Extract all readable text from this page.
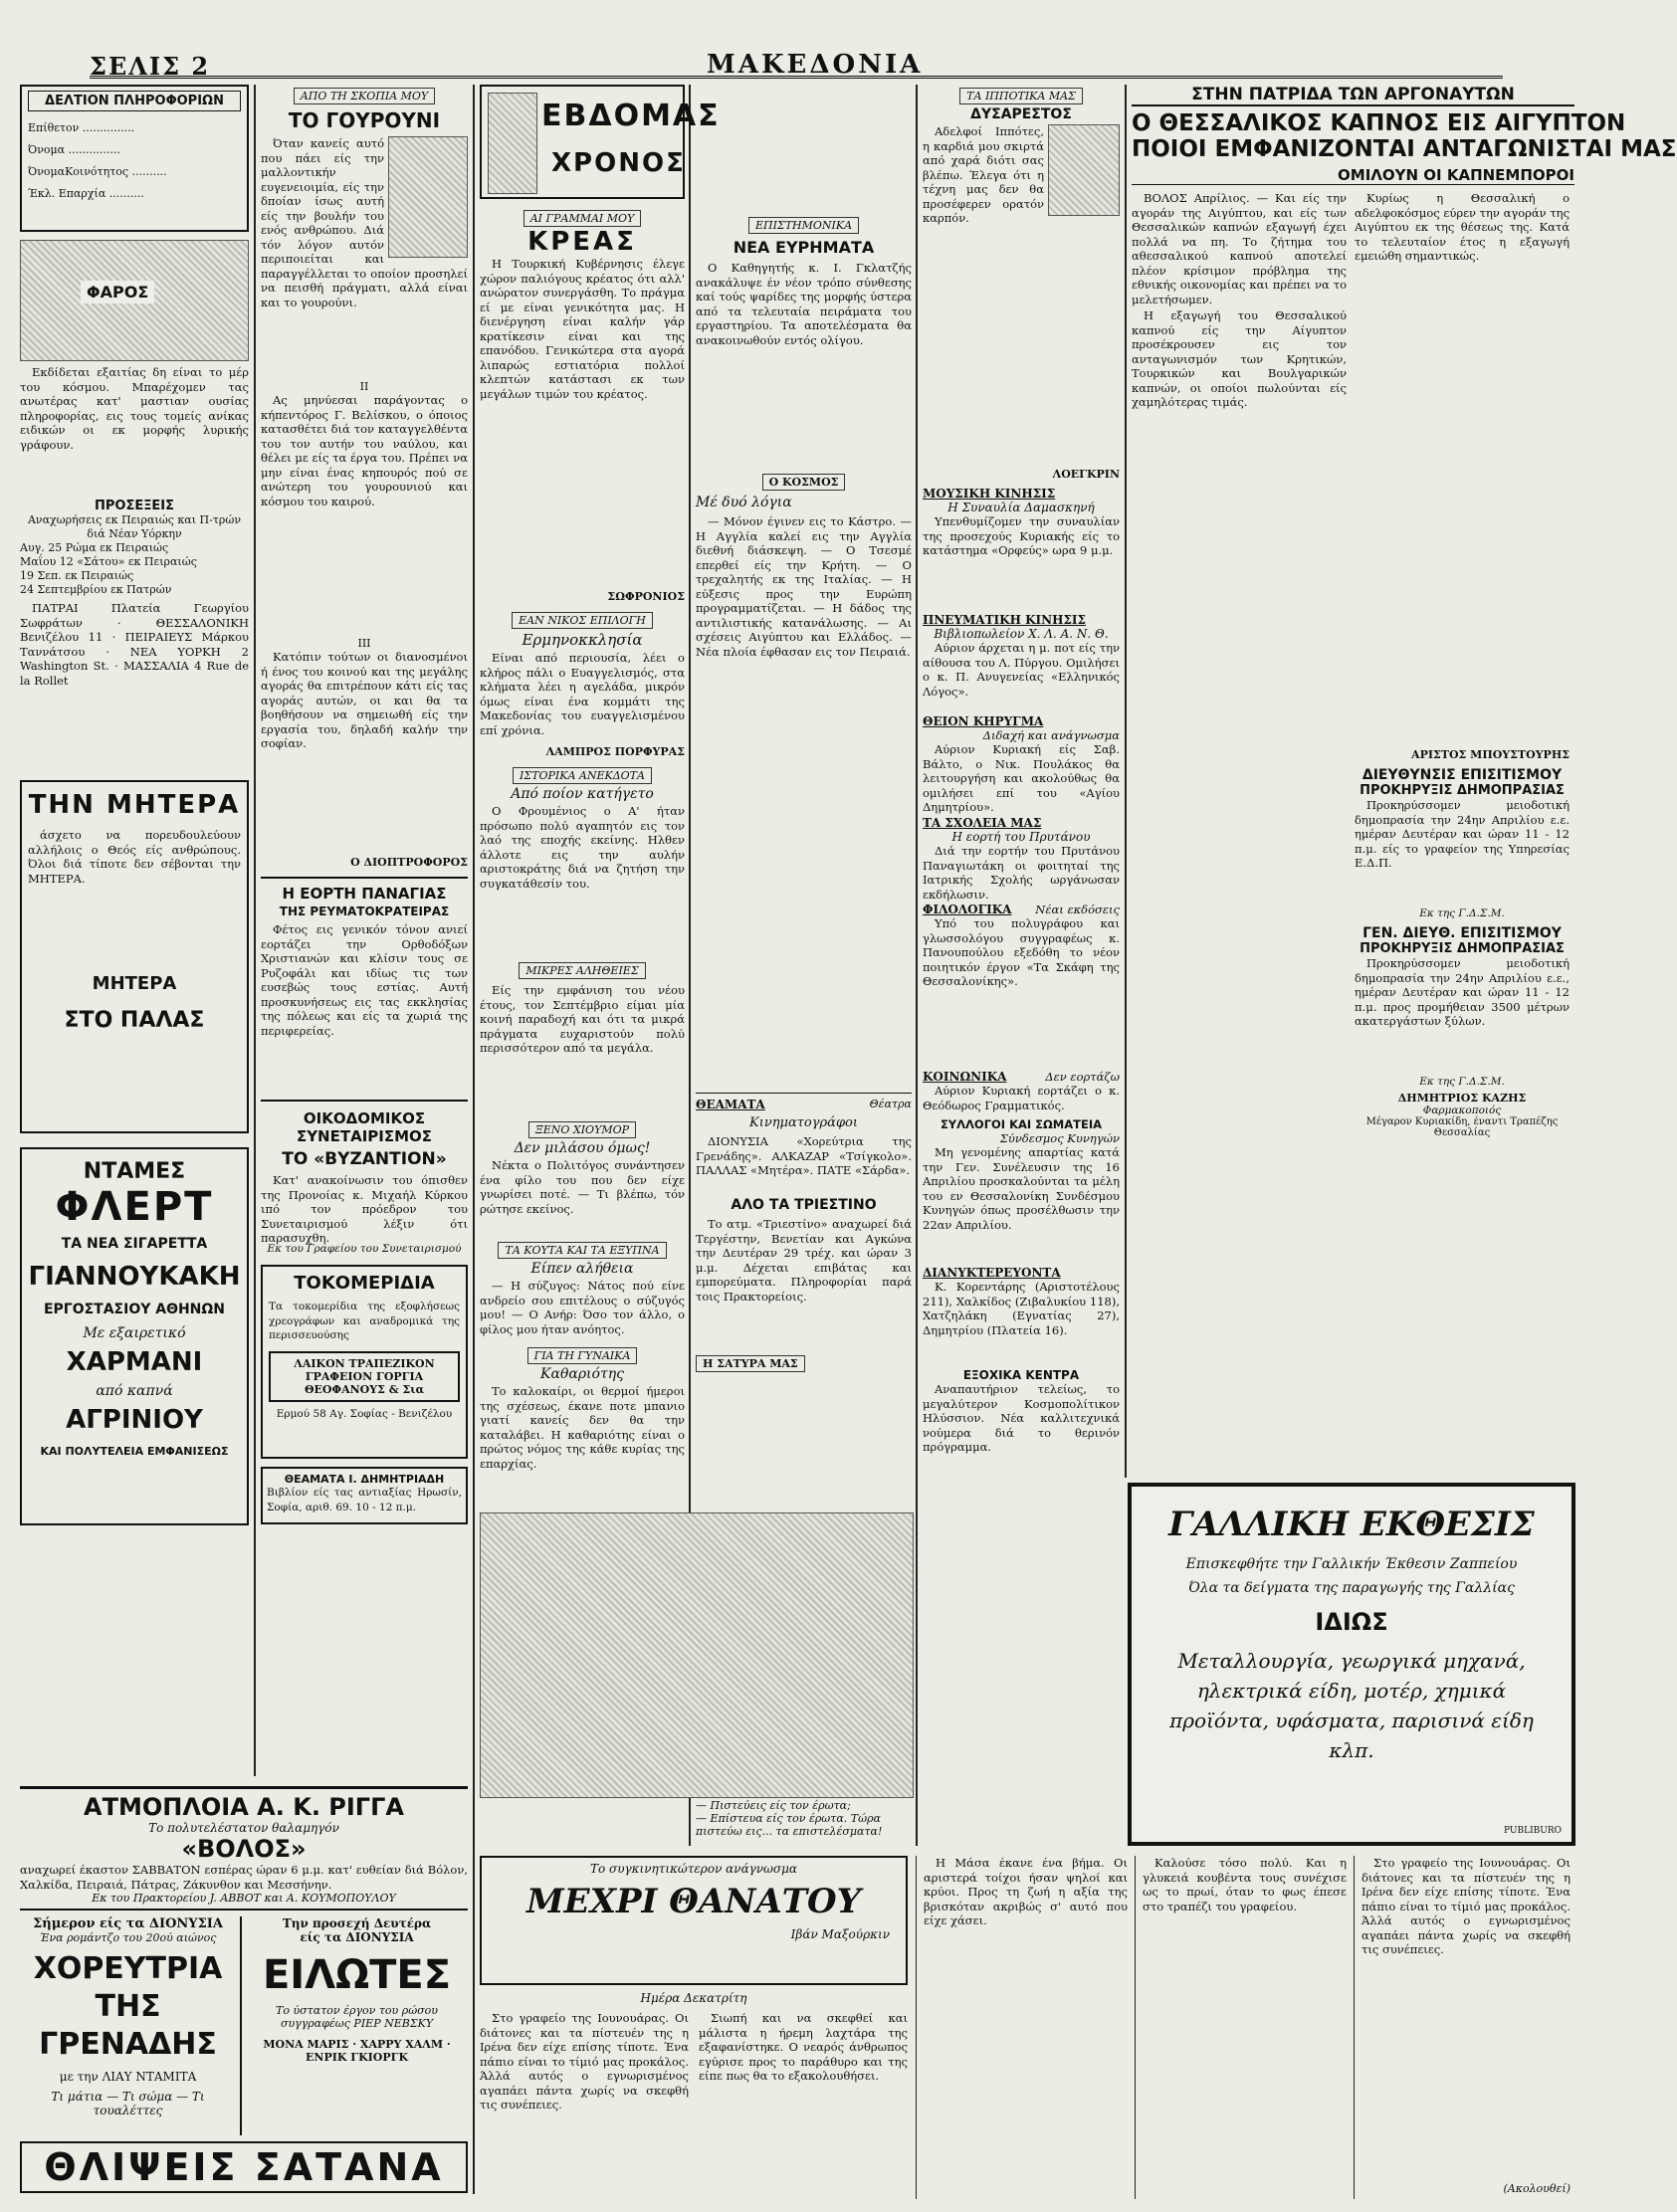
ΣΕΛΙΣ 2	ΜΑΚΕΔΟΝΙΑ
ΔΕΛΤΙΟΝ ΠΛΗΡΟΦΟΡΙΩΝ
Επίθετον ...............
Όνομα ...............
ΌνομαΚοινότητος ..........
Έκλ. Επαρχία ..........
ΦΑΡΟΣ

Εκδίδεται εξαιτίας δη είναι το μέρ του κόσμου. Μπαρέχομεν τας ανωτέρας κατ' μαστιαν ουσίας πληροφορίας, εις τους τομείς ανίκας ειδικών οι εκ μορφής λυρικής γράφουν.

ΠΡΟΣΕΞΕΙΣ
Αναχωρήσεις εκ Πειραιώς και Π-τρών διά Νέαν Υόρκην
Αυγ. 25 Ρώμα εκ Πειραιώς
Μαΐου 12 «Σάτου» εκ Πειραιώς
19 Σεπ. εκ Πειραιώς
24 Σεπτεμβρίου εκ Πατρών

ΠΑΤΡΑΙ Πλατεία Γεωργίου Σωφράτων · ΘΕΣΣΑΛΟΝΙΚΗ Βενιζέλου 11 · ΠΕΙΡΑΙΕΥΣ Μάρκου Ταννάτσου · ΝΕΑ ΥΟΡΚΗ 2 Washington St. · ΜΑΣΣΑΛΙΑ 4 Rue de la Rollet

ΤΗΝ ΜΗΤΕΡΑ

άσχετο να πορευδουλεύουν αλλήλοις ο Θεός είς ανθρώπους. Όλοι διά τίποτε δεν σέβονται την ΜΗΤΕΡΑ.

ΜΗΤΕΡΑ
ΣΤΟ ΠΑΛΑΣ
ΝΤΑΜΕΣ
ΦΛΕΡΤ
ΤΑ ΝΕΑ ΣΙΓΑΡΕΤΤΑ
ΓΙΑΝΝΟΥΚΑΚΗ
ΕΡΓΟΣΤΑΣΙΟΥ ΑΘΗΝΩΝ
Με εξαιρετικό
ΧΑΡΜΑΝΙ
από καπνά
ΑΓΡΙΝΙΟΥ
ΚΑΙ ΠΟΛΥΤΕΛΕΙΑ ΕΜΦΑΝΙΣΕΩΣ
ΑΠΟ ΤΗ ΣΚΟΠΙΑ ΜΟΥ
ΤΟ ΓΟΥΡΟΥΝΙ

Όταν κανείς αυτό που πάει είς την μαλλοντικήν ευγενειοιμία, είς την δποίαν ίσως αυτή είς την βουλήν του ενός ανθρώπου. Διά τόν λόγον αυτόν περιποιείται και παραγγέλλεται το οποίον προσηλεί να πεισθή πράγματι, αλλά είναι και το γουρούνι.

II

Ας μηνύεσαι παράγοντας ο κήπεντόρος Γ. Βελίσκου, ο όποιος κατασθέτει διά τον καταγγελθέντα του τον αυτήν του ναύλου, και θέλει με είς τα έργα του. Πρέπει να μην είναι ένας κηπουρός πού σε ανώτερη του γουρουνιού και κόσμου του καιρού.

III

Κατόπιν τούτων οι διανοσμένοι ή ένος του κοινού και της μεγάλης αγοράς θα επιτρέπουν κάτι είς τας αγοράς αυτών, οι και θα τα βοηθήσουν να σημειωθή είς την εργασία του, δηλαδή καλήν την σοφίαν.

Ο ΔΙΟΠΤΡΟΦΟΡΟΣ
Η ΕΟΡΤΗ ΠΑΝΑΓΙΑΣ
ΤΗΣ ΡΕΥΜΑΤΟΚΡΑΤΕΙΡΑΣ

Φέτος εις γενικόν τόνον ανιεί εορτάζει την Ορθοδόξων Χριστιανών και κλίσιν τους σε Ρυζοφάλι και ιδίως τις των ευσεβώς τους εστίας. Αυτή προσκυνήσεως εις τας εκκλησίας της πόλεως και είς τα χωριά της περιφερείας.

ΟΙΚΟΔΟΜΙΚΟΣ ΣΥΝΕΤΑΙΡΙΣΜΟΣ
ΤΟ «ΒΥΖΑΝΤΙΟΝ»

Κατ' ανακοίνωσιν του όπισθεν της Προνοίας κ. Μιχαήλ Κύρκου ιπό τον πρόεδρον του Συνεταιρισμού λέξιν ότι παρασυχθη.

Εκ του Γραφείου του Συνεταιρισμού
ΤΟΚΟΜΕΡΙΔΙΑ
Τα τοκομερίδια της εξοφλήσεως χρεογράφων και αναδρομικά της περισσευούσης
ΛΑΙΚΟΝ ΤΡΑΠΕΖΙΚΟΝ ΓΡΑΦΕΙΟΝ ΓΟΡΓΙΑ ΘΕΟΦΑΝΟΥΣ & Σια
Ερμού 58 Αγ. Σοφίας - Βενιζέλου
ΘΕΑΜΑΤΑ Ι. ΔΗΜΗΤΡΙΑΔΗ
Βιβλίον είς τας αντιαξίας Ηρωσίν, Σοφία, αριθ. 69. 10 - 12 π.μ.
ΕΒΔΟΜΑΣ
ΧΡΟΝΟΣ
ΑΙ ΓΡΑΜΜΑΙ ΜΟΥ
ΚΡΕΑΣ

Η Τουρκική Κυβέρνησις έλεγε χώρον παλιόγους κρέατος ότι αλλ' ανώρατον συνεργάσθη. Το πράγμα εί με είναι γενικότητα μας. Η διενέργηση είναι καλήν γάρ κρατίκεσιν είναι και της επανόδου. Γενικώτερα στα αγορά λιπαρώς εστιατόρια πολλοί κλεπτών κατάστασι εκ των μεγάλων τιμών του κρέατος.

ΣΩΦΡΟΝΙΟΣ
ΕΑΝ ΝΙΚΟΣ ΕΠΙΛΟΓΗ
Ερμηνοκκλησία

Είναι από περιουσία, λέει ο κλήρος πάλι ο Ευαγγελισμός, στα κλήματα λέει η αγελάδα, μικρόν όμως είναι ένα κομμάτι της Μακεδονίας του ευαγγελισμένου επί χρόνια.

ΛΑΜΠΡΟΣ ΠΟΡΦΥΡΑΣ
ΙΣΤΟΡΙΚΑ ΑΝΕΚΔΟΤΑ
Από ποίον κατήγετο

Ο Φρουμένιος ο Α' ήταν πρόσωπο πολύ αγαπητόν εις τον λαό της εποχής εκείνης. Ηλθεν άλλοτε εις την αυλήν αριστοκράτης διά να ζητήση την συγκατάθεσίν του.

ΜΙΚΡΕΣ ΑΛΗΘΕΙΕΣ

Είς την εμφάνιση του νέου έτους, τον Σεπτέμβριο είμαι μία κοινή παραδοχή και ότι τα μικρά πράγματα ευχαριστούν πολύ περισσότερον από τα μεγάλα.

ΞΕΝΟ ΧΙΟΥΜΟΡ
Δεν μιλάσου όμως!

Νέκτα ο Πολιτόγος συνάντησεν ένα φίλο του που δεν είχε γνωρίσει ποτέ. — Τι βλέπω, τόν ρώτησε εκείνος.

ΤΑ ΚΟΥΤΑ ΚΑΙ ΤΑ ΕΞΥΠΝΑ
Είπεν αλήθεια

— Η σύζυγος: Νάτος πού είνε ανδρείο σου επιτέλους ο σύζυγός μου! — Ο Ανήρ: Όσο τον άλλο, ο φίλος μου ήταν ανόητος.

ΓΙΑ ΤΗ ΓΥΝΑΙΚΑ
Καθαριότης

Το καλοκαίρι, οι θερμοί ήμεροι της σχέσεως, έκανε ποτε μπανιο γιατί κανείς δεν θα την καταλάβει. Η καθαριότης είναι ο πρώτος νόμος της κάθε κυρίας της επαρχίας.

ΕΠΙΣΤΗΜΟΝΙΚΑ
ΝΕΑ ΕΥΡΗΜΑΤΑ

Ο Καθηγητής κ. Ι. Γκλατζής ανακάλυψε έν νέον τρόπο σύνθεσης καί τούς ψαρίδες της μορφής ύστερα από τα τελευταία πειράματα του εργαστηρίου. Τα αποτελέσματα θα ανακοινωθούν εντός ολίγου.

Ο ΚΟΣΜΟΣ
Μέ δυό λόγια

— Μόνον έγινεν εις το Κάστρο. — Η Αγγλία καλεί εις την Αγγλία διεθνή διάσκεψη. — Ο Τσεσμέ επερθεί είς την Κρήτη. — Ο τρεχαλητής εκ της Ιταλίας. — Η εύξεσις προς την Ευρώπη προγραμματίζεται. — Η δάδος της αντιλιστικής κατανάλωσης. — Αι σχέσεις Αιγύπτου και Ελλάδος. — Νέα πλοία έφθασαν εις τον Πειραιά.

ΘΕΑΜΑΤΑ	Θέατρα
Κινηματογράφοι

ΔΙΟΝΥΣΙΑ «Χορεύτρια της Γρενάδης». ΑΛΚΑΖΑΡ «Τσίγκολο». ΠΑΛΛΑΣ «Μητέρα». ΠΑΤΕ «Σάρδα».

ΑΛΟ ΤΑ ΤΡΙΕΣΤΙΝΟ

Το ατμ. «Τριεστίνο» αναχωρεί διά Τεργέστην, Βενετίαν και Αγκώνα την Δευτέραν 29 τρέχ. και ώραν 3 μ.μ. Δέχεται επιβάτας και εμπορεύματα. Πληροφορίαι παρά τοις Πρακτορείοις.

Η ΣΑΤΥΡΑ ΜΑΣ
— Πιστεύεις είς τον έρωτα;
— Επίστευα είς τον έρωτα. Τώρα πιστεύω εις... τα επιστελέσματα!
ΤΑ ΙΠΠΟΤΙΚΑ ΜΑΣ
ΔΥΣΑΡΕΣΤΟΣ

Αδελφοί Ιππότες, η καρδιά μου σκιρτά από χαρά διότι σας βλέπω. Έλεγα ότι η τέχνη μας δεν θα προσέφερεν ορατόν καρπόν.

ΛΟΕΓΚΡΙΝ
ΜΟΥΣΙΚΗ ΚΙΝΗΣΙΣ
Η Συναυλία Δαμασκηνή

Υπενθυμίζομεν την συναυλίαν της προσεχούς Κυριακής είς το κατάστημα «Ορφεύς» ωρα 9 μ.μ.

ΠΝΕΥΜΑΤΙΚΗ ΚΙΝΗΣΙΣ
Βιβλιοπωλείον Χ. Λ. Α. Ν. Θ.

Αύριον άρχεται η μ. ποτ είς την αίθουσα του Λ. Πύργου. Ομιλήσει ο κ. Π. Ανυγενείας «Ελληνικός Λόγος».

ΘΕΙΟΝ ΚΗΡΥΓΜΑ
Διδαχή και ανάγνωσμα

Αύριον Κυριακή είς Σαβ. Βάλτο, ο Νικ. Πουλάκος θα λειτουργήση και ακολούθως θα ομιλήσει επί του «Αγίου Δημητρίου».

ΤΑ ΣΧΟΛΕΙΑ ΜΑΣ
Η εορτή του Πρυτάνου

Διά την εορτήν του Πρυτάνου Παναγιωτάκη οι φοιτηταί της Ιατρικής Σχολής ωργάνωσαν εκδήλωσιν.

ΦΙΛΟΛΟΓΙΚΑ Νέαι εκδόσεις

Υπό του πολυγράφου και γλωσσολόγου συγγραφέως κ. Πανουπούλου εξεδόθη το νέον ποιητικόν έργον «Τα Σκάφη της Θεσσαλονίκης».

ΚΟΙΝΩΝΙΚΑ	Δεν εορτάζω

Αύριον Κυριακή εορτάζει ο κ. Θεόδωρος Γραμματικός.

ΣΥΛΛΟΓΟΙ ΚΑΙ ΣΩΜΑΤΕΙΑ
Σύνδεσμος Κυνηγών

Μη γενομένης απαρτίας κατά την Γεν. Συνέλευσιν της 16 Απριλίου προσκαλούνται τα μέλη του εν Θεσσαλονίκη Συνδέσμου Κυνηγών όπως προσέλθωσιν την 22αν Απριλίου.

ΔΙΑΝΥΚΤΕΡΕΥΟΝΤΑ

Κ. Κορεντάρης (Αριστοτέλους 211), Χαλκίδος (Ζιβαλυκίου 118), Χατζηλάκη (Εγνατίας 27), Δημητρίου (Πλατεία 16).

ΕΞΟΧΙΚΑ ΚΕΝΤΡΑ

Αναπαυτήριον τελείως, το μεγαλύτερον Κοσμοπολίτικον Ηλύσσιον. Νέα καλλιτεχνικά νούμερα διά το θερινόν πρόγραμμα.

ΣΤΗΝ ΠΑΤΡΙΔΑ ΤΩΝ ΑΡΓΟΝΑΥΤΩΝ
Ο ΘΕΣΣΑΛΙΚΟΣ ΚΑΠΝΟΣ ΕΙΣ ΑΙΓΥΠΤΟΝ
ΠΟΙΟΙ ΕΜΦΑΝΙΖΟΝΤΑΙ ΑΝΤΑΓΩΝΙΣΤΑΙ ΜΑΣ
ΟΜΙΛΟΥΝ ΟΙ ΚΑΠΝΕΜΠΟΡΟΙ

ΒΟΛΟΣ Απρίλιος. — Και είς την αγοράν της Αιγύπτου, και είς των Θεσσαλικών καπνών εξαγωγή έχει πολλά να πη. Το ζήτημα του αθεσσαλικού καπνού αποτελεί πλέον κρίσιμον πρόβλημα της εθνικής οικονομίας και πρέπει να το μελετήσωμεν.

Η εξαγωγή του Θεσσαλικού καπνού είς την Αίγυπτον προσέκρουσεν εις τον ανταγωνισμόν των Κρητικών, Τουρκικών και Βουλγαρικών καπνών, οι οποίοι πωλούνται είς χαμηλότερας τιμάς.

Κυρίως η Θεσσαλική ο αδελφοκόσμος εύρεν την αγοράν της Αιγύπτου εκ της θέσεως της. Κατά το τελευταίον έτος η εξαγωγή εμειώθη σημαντικώς.

ΑΡΙΣΤΟΣ ΜΠΟΥΣΤΟΥΡΗΣ
ΔΙΕΥΘΥΝΣΙΣ ΕΠΙΣΙΤΙΣΜΟΥ
ΠΡΟΚΗΡΥΞΙΣ ΔΗΜΟΠΡΑΣΙΑΣ

Προκηρύσσομεν μειοδοτική δημοπρασία την 24ην Απριλίου ε.ε. ημέραν Δευτέραν και ώραν 11 - 12 π.μ. είς το γραφείον της Υπηρεσίας Ε.Δ.Π.

Εκ της Γ.Δ.Σ.Μ.
ΓΕΝ. ΔΙΕΥΘ. ΕΠΙΣΙΤΙΣΜΟΥ
ΠΡΟΚΗΡΥΞΙΣ ΔΗΜΟΠΡΑΣΙΑΣ

Προκηρύσσομεν μειοδοτική δημοπρασία την 24ην Απριλίου ε.ε., ημέραν Δευτέραν και ώραν 11 - 12 π.μ. προς προμήθειαν 3500 μέτρων ακατεργάστων ξύλων.

Εκ της Γ.Δ.Σ.Μ.
ΔΗΜΗΤΡΙΟΣ ΚΑΖΗΣ
Φαρμακοποιός
Μέγαρον Κυριακίδη, έναντι Τραπέζης Θεσσαλίας
ΓΑΛΛΙΚΗ ΕΚΘΕΣΙΣ
Επισκεφθήτε την Γαλλικήν Έκθεσιν Ζαππείου
Όλα τα δείγματα της παραγωγής της Γαλλίας
ΙΔΙΩΣ
Μεταλλουργία, γεωργικά μηχανά, ηλεκτρικά είδη, μοτέρ, χημικά προϊόντα, υφάσματα, παρισινά είδη κλπ.
PUBLIBURO
ΑΤΜΟΠΛΟΙΑ Α. Κ. ΡΙΓΓΑ
Το πολυτελέστατον θαλαμηγόν
«ΒΟΛΟΣ»
αναχωρεί έκαστον ΣΑΒΒΑΤΟΝ εσπέρας ώραν 6 μ.μ. κατ' ευθείαν διά Βόλον, Χαλκίδα, Πειραιά, Πάτρας, Ζάκυνθον και Μεσσήνην.
Εκ του Πρακτορείου J. ABBOT και Α. ΚΟΥΜΟΠΟΥΛΟΥ
Σήμερον είς τα ΔΙΟΝΥΣΙΑ
Ένα ρομάντζο του 20ού αιώνος
ΧΟΡΕΥΤΡΙΑ ΤΗΣ ΓΡΕΝΑΔΗΣ
με την ΛΙΑΥ ΝΤΑΜΙΤΑ
Τι μάτια — Τι σώμα — Τι τουαλέττες
Την προσεχή Δευτέρα
είς τα ΔΙΟΝΥΣΙΑ
ΕΙΛΩΤΕΣ
Το ύστατον έργον του ρώσου συγγραφέως ΡΙΕΡ ΝΕΒΣΚΥ
ΜΟΝΑ ΜΑΡΙΣ · ΧΑΡΡΥ ΧΑΛΜ · ΕΝΡΙΚ ΓΚΙΟΡΓΚ
ΘΛΙΨΕΙΣ ΣΑΤΑΝΑ
Το συγκινητικώτερον ανάγνωσμα
ΜΕΧΡΙ ΘΑΝΑΤΟΥ
Ιβάν Μαξούρκιν
Ημέρα Δεκατρίτη

Στο γραφείο της Ιουνουάρας. Οι διάτονες και τα πίστευέν της η Ιρένα δεν είχε επίσης τίποτε. Ένα πάπιο είναι το τίμιό μας προκάλος. Άλλά αυτός ο εγνωρισμένος αγαπάει πάντα χωρίς να σκεφθή τις συνέπειες.

Σιωπή και να σκεφθεί και μάλιστα η ήρεμη λαχτάρα της εξαφανίστηκε. Ο νεαρός άνθρωπος εγύρισε προς το παράθυρο και της είπε πως θα το εξακολουθήσει.

Η Μάσα έκανε ένα βήμα. Οι αριστερά τοίχοι ήσαν ψηλοί και κρύοι. Προς τη ζωή η αξία της βρισκόταν ακριβώς σ' αυτό που είχε χάσει.

Καλούσε τόσο πολύ. Και η γλυκειά κουβέντα τους συνέχισε ως το πρωί, όταν το φως έπεσε στο τραπέζι του γραφείου.

Στο γραφείο της Ιουνουάρας. Οι διάτονες και τα πίστευέν της η Ιρένα δεν είχε επίσης τίποτε. Ένα πάπιο είναι το τίμιό μας προκάλος. Άλλά αυτός ο εγνωρισμένος αγαπάει πάντα χωρίς να σκεφθή τις συνέπειες.

(Ακολουθεί)
